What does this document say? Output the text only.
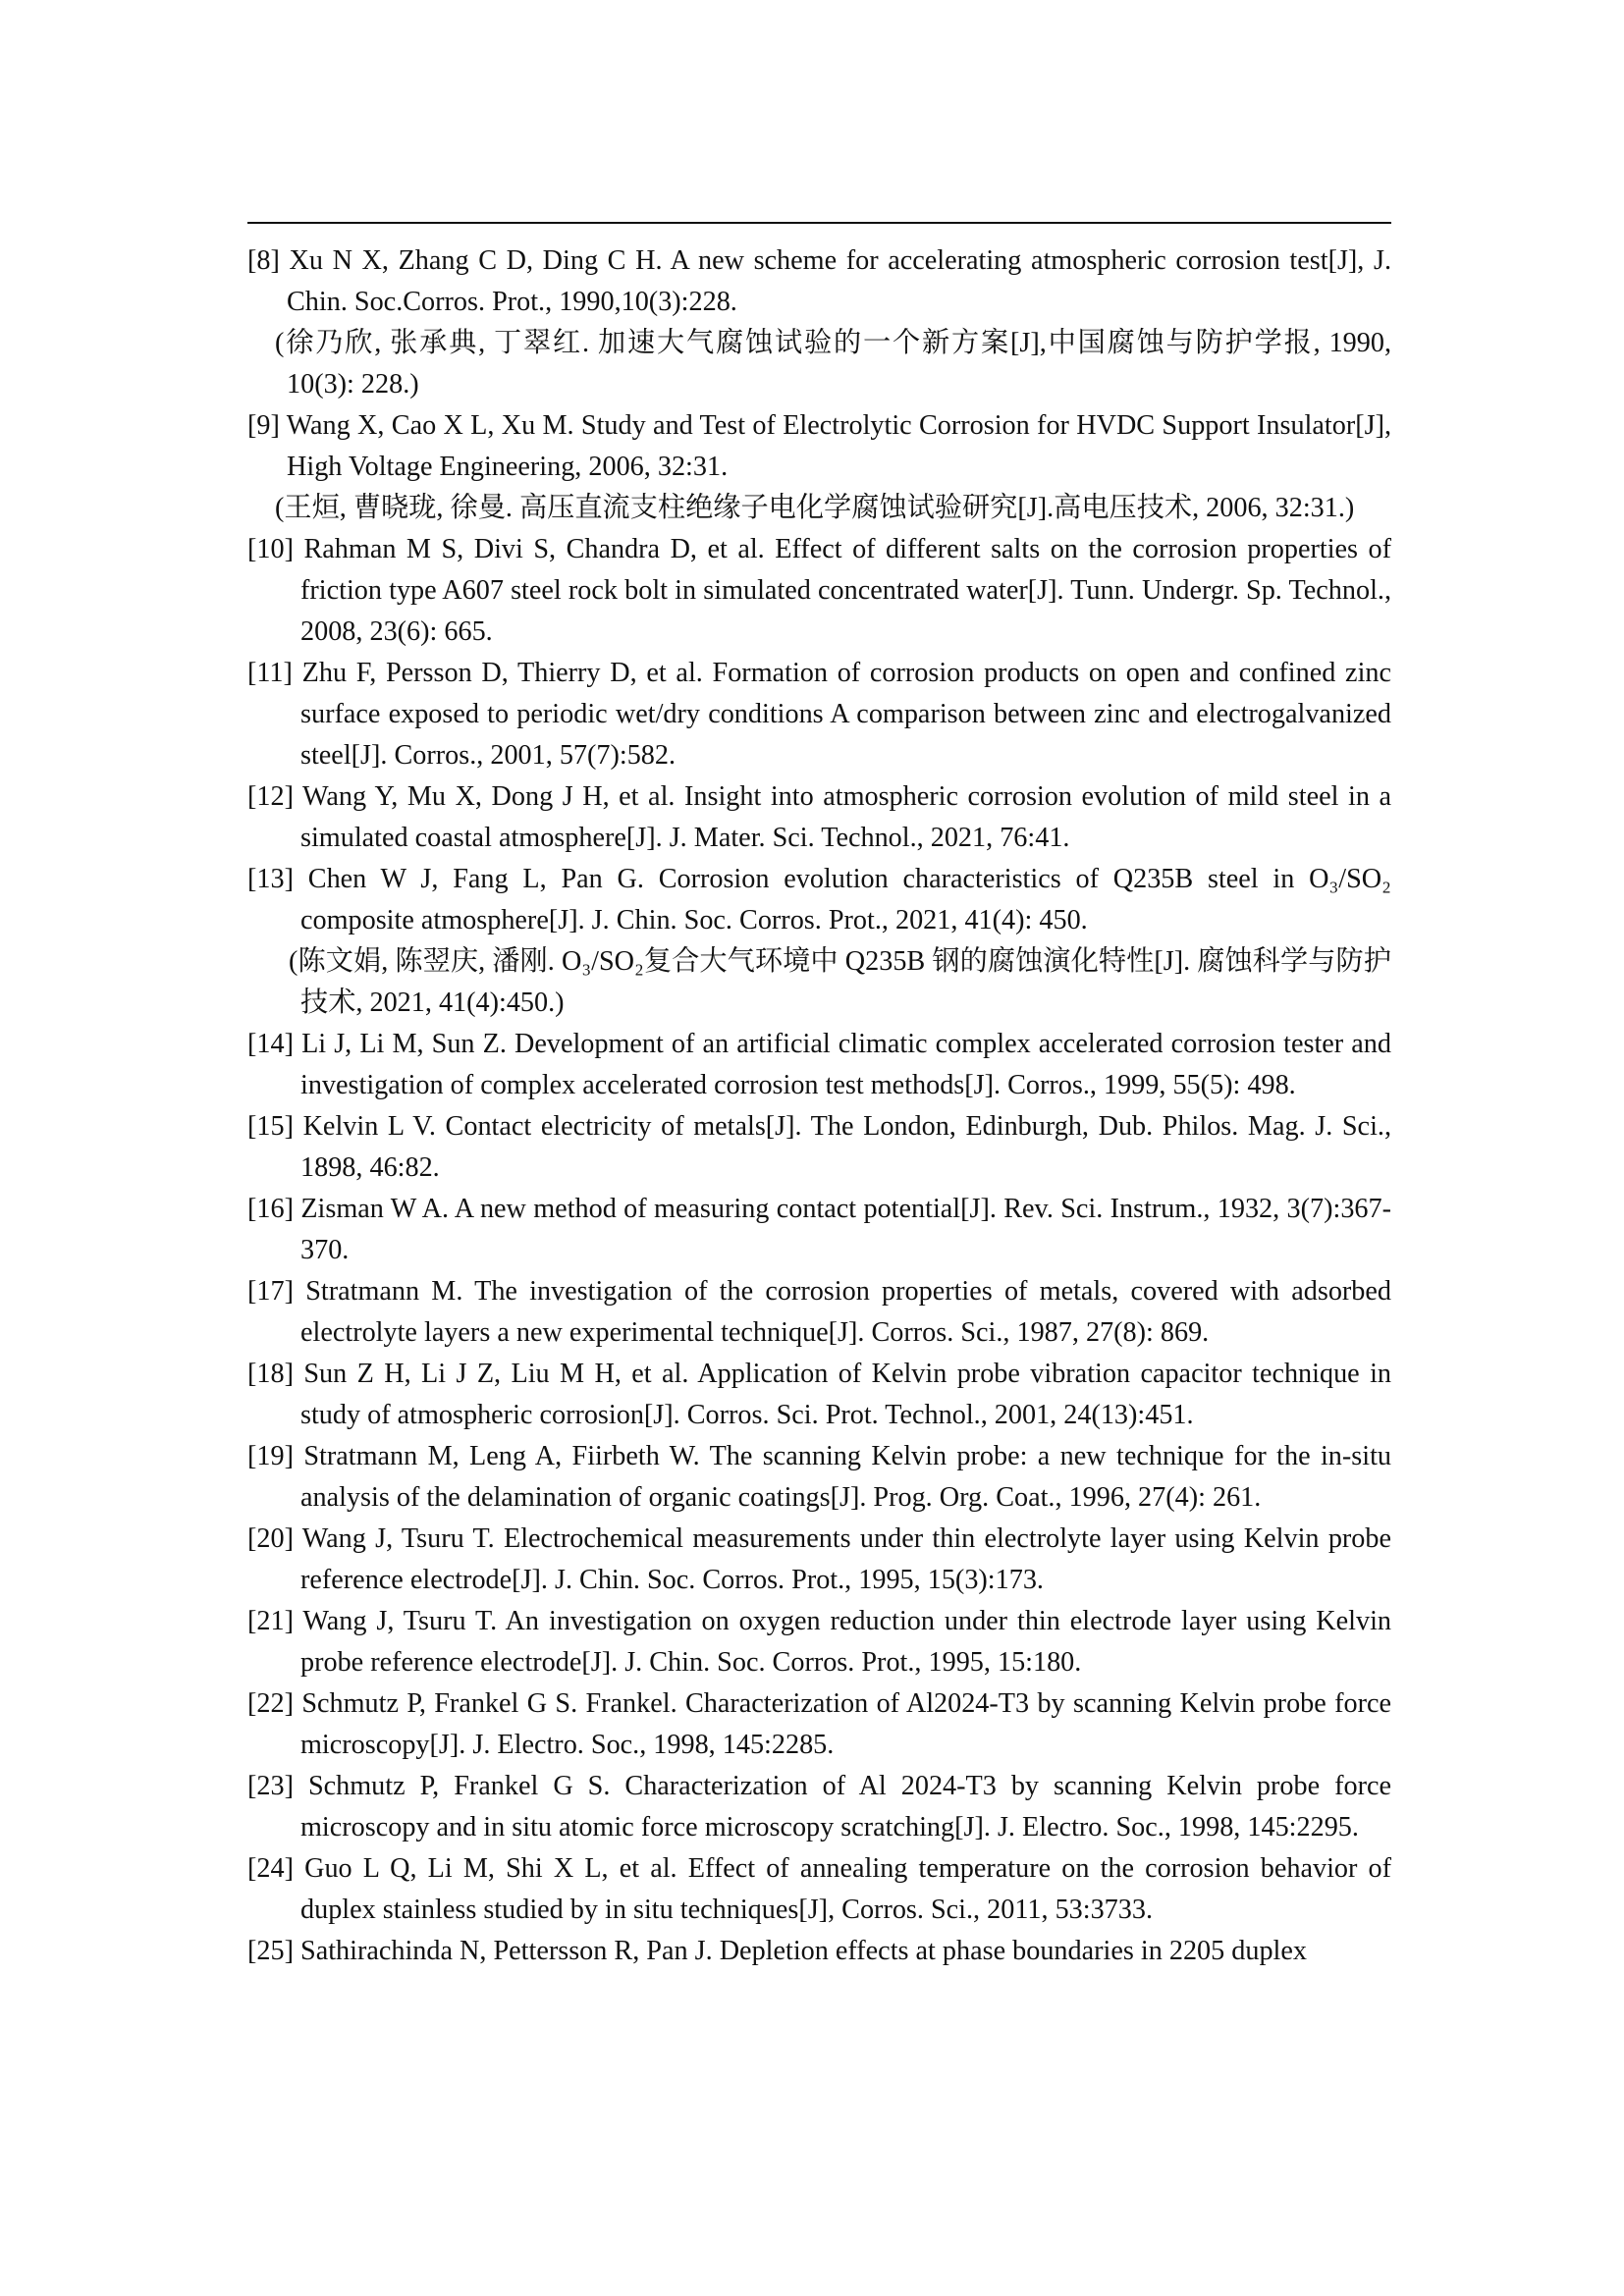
[8] Xu N X, Zhang C D, Ding C H. A new scheme for accelerating atmospheric corrosion test[J], J. Chin. Soc.Corros. Prot., 1990,10(3):228.
(徐乃欣, 张承典, 丁翠红. 加速大气腐蚀试验的一个新方案[J],中国腐蚀与防护学报, 1990, 10(3): 228.)
[9] Wang X, Cao X L, Xu M. Study and Test of Electrolytic Corrosion for HVDC Support Insulator[J], High Voltage Engineering, 2006, 32:31.
(王烜, 曹晓珑, 徐曼. 高压直流支柱绝缘子电化学腐蚀试验研究[J].高电压技术, 2006, 32:31.)
[10] Rahman M S, Divi S, Chandra D, et al. Effect of different salts on the corrosion properties of friction type A607 steel rock bolt in simulated concentrated water[J]. Tunn. Undergr. Sp. Technol., 2008, 23(6): 665.
[11] Zhu F, Persson D, Thierry D, et al. Formation of corrosion products on open and confined zinc surface exposed to periodic wet/dry conditions A comparison between zinc and electrogalvanized steel[J]. Corros., 2001, 57(7):582.
[12] Wang Y, Mu X, Dong J H, et al. Insight into atmospheric corrosion evolution of mild steel in a simulated coastal atmosphere[J]. J. Mater. Sci. Technol., 2021, 76:41.
[13] Chen W J, Fang L, Pan G. Corrosion evolution characteristics of Q235B steel in O₃/SO₂ composite atmosphere[J]. J. Chin. Soc. Corros. Prot., 2021, 41(4): 450.
(陈文娟, 陈翌庆, 潘刚. O₃/SO₂复合大气环境中 Q235B 钢的腐蚀演化特性[J]. 腐蚀科学与防护技术, 2021, 41(4):450.)
[14] Li J, Li M, Sun Z. Development of an artificial climatic complex accelerated corrosion tester and investigation of complex accelerated corrosion test methods[J]. Corros., 1999, 55(5): 498.
[15] Kelvin L V. Contact electricity of metals[J]. The London, Edinburgh, Dub. Philos. Mag. J. Sci., 1898, 46:82.
[16] Zisman W A. A new method of measuring contact potential[J]. Rev. Sci. Instrum., 1932, 3(7):367-370.
[17] Stratmann M. The investigation of the corrosion properties of metals, covered with adsorbed electrolyte layers a new experimental technique[J]. Corros. Sci., 1987, 27(8): 869.
[18] Sun Z H, Li J Z, Liu M H, et al. Application of Kelvin probe vibration capacitor technique in study of atmospheric corrosion[J]. Corros. Sci. Prot. Technol., 2001, 24(13):451.
[19] Stratmann M, Leng A, Fiirbeth W. The scanning Kelvin probe: a new technique for the in-situ analysis of the delamination of organic coatings[J]. Prog. Org. Coat., 1996, 27(4): 261.
[20] Wang J, Tsuru T. Electrochemical measurements under thin electrolyte layer using Kelvin probe reference electrode[J]. J. Chin. Soc. Corros. Prot., 1995, 15(3):173.
[21] Wang J, Tsuru T. An investigation on oxygen reduction under thin electrode layer using Kelvin probe reference electrode[J]. J. Chin. Soc. Corros. Prot., 1995, 15:180.
[22] Schmutz P, Frankel G S. Frankel. Characterization of Al2024-T3 by scanning Kelvin probe force microscopy[J]. J. Electro. Soc., 1998, 145:2285.
[23] Schmutz P, Frankel G S. Characterization of Al 2024-T3 by scanning Kelvin probe force microscopy and in situ atomic force microscopy scratching[J]. J. Electro. Soc., 1998, 145:2295.
[24] Guo L Q, Li M, Shi X L, et al. Effect of annealing temperature on the corrosion behavior of duplex stainless studied by in situ techniques[J], Corros. Sci., 2011, 53:3733.
[25] Sathirachinda N, Pettersson R, Pan J. Depletion effects at phase boundaries in 2205 duplex
